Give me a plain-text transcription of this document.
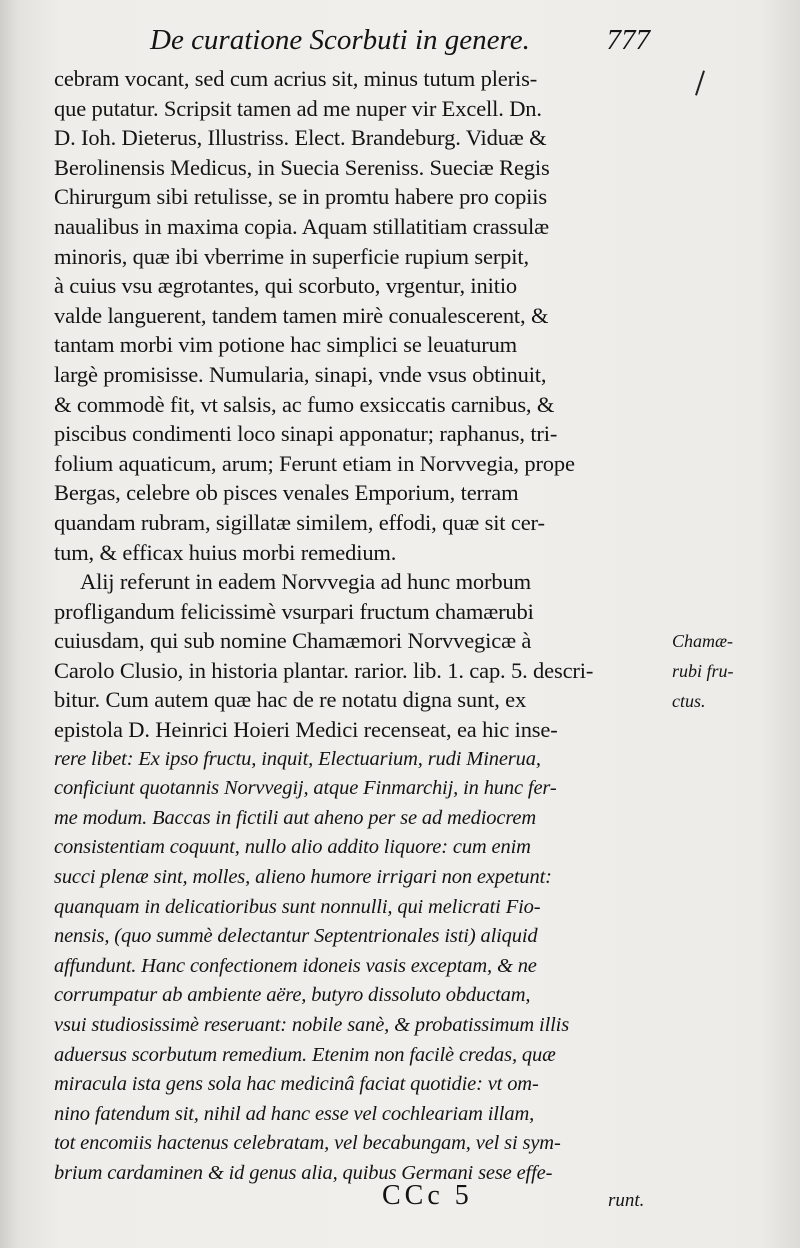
De curatione Scorbuti in genere.	777
cebram vocant, sed cum acrius sit, minus tutum pleris-
que putatur. Scripsit tamen ad me nuper vir Excell. Dn.
D. Ioh. Dieterus, Illustriss. Elect. Brandeburg. Viduæ &
Berolinensis Medicus, in Suecia Sereniss. Sueciæ Regis
Chirurgum sibi retulisse, se in promtu habere pro copiis
naualibus in maxima copia. Aquam stillatitiam crassulæ
minoris, quæ ibi vberrime in superficie rupium serpit,
à cuius vsu ægrotantes, qui scorbuto, vrgentur, initio
valde languerent, tandem tamen mirè conualescerent, &
tantam morbi vim potione hac simplici se leuaturum
largè promisisse. Numularia, sinapi, vnde vsus obtinuit,
& commodè fit, vt salsis, ac fumo exsiccatis carnibus, &
piscibus condimenti loco sinapi apponatur; raphanus, tri-
folium aquaticum, arum; Ferunt etiam in Norvvegia, prope
Bergas, celebre ob pisces venales Emporium, terram
quandam rubram, sigillatæ similem, effodi, quæ sit cer-
tum, & efficax huius morbi remedium.
Alij referunt in eadem Norvvegia ad hunc morbum
profligandum felicissimè vsurpari fructum chamærubi
cuiusdam, qui sub nomine Chamæmori Norvvegicæ à
Carolo Clusio, in historia plantar. rarior. lib. 1. cap. 5. descri-
bitur. Cum autem quæ hac de re notatu digna sunt, ex
epistola D. Heinrici Hoieri Medici recenseat, ea hic inse-
rere libet: Ex ipso fructu, inquit, Electuarium, rudi Minerua,
conficiunt quotannis Norvvegij, atque Finmarchij, in hunc fer-
me modum. Baccas in fictili aut aheno per se ad mediocrem
consistentiam coquunt, nullo alio addito liquore: cum enim
succi plenæ sint, molles, alieno humore irrigari non expetunt:
quanquam in delicatioribus sunt nonnulli, qui melicrati Fio-
nensis, (quo summè delectantur Septentrionales isti) aliquid
affundunt. Hanc confectionem idoneis vasis exceptam, & ne
corrumpatur ab ambiente aëre, butyro dissoluto obductam,
vsui studiosissimè reseruant: nobile sanè, & probatissimum illis
aduersus scorbutum remedium. Etenim non facilè credas, quæ
miracula ista gens sola hac medicinâ faciat quotidie: vt om-
nino fatendum sit, nihil ad hanc esse vel cochleariam illam,
tot encomiis hactenus celebratam, vel becabungam, vel si sym-
brium cardaminen & id genus alia, quibus Germani sese effe-
Chamæ-
rubi fru-
ctus.
CCc 5	runt.
